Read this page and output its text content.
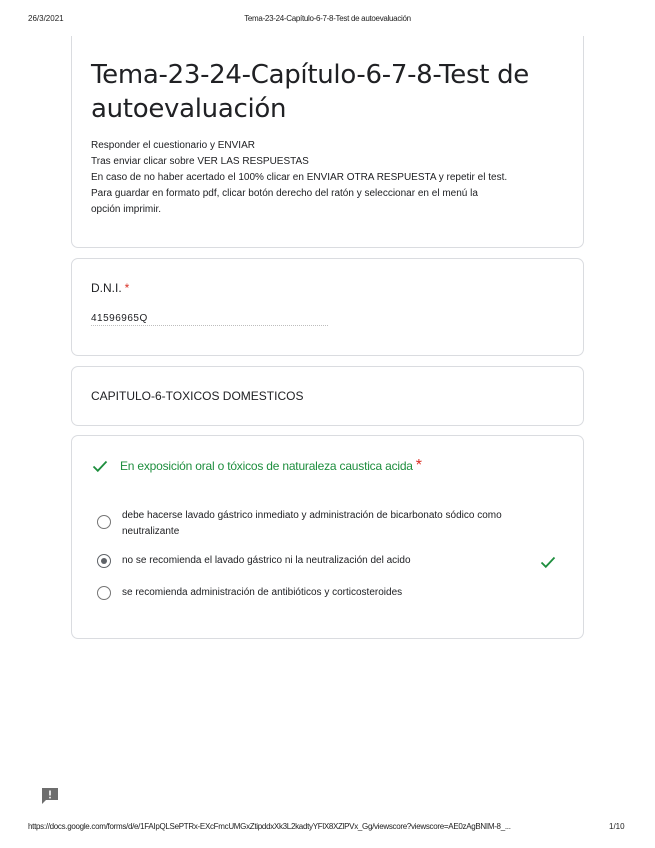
26/3/2021	Tema-23-24-Capítulo-6-7-8-Test de autoevaluación
Tema-23-24-Capítulo-6-7-8-Test de autoevaluación
Responder el cuestionario y ENVIAR
Tras enviar clicar sobre VER LAS RESPUESTAS
En caso de no haber acertado el 100% clicar en ENVIAR OTRA RESPUESTA y repetir el test.
Para guardar en formato pdf, clicar botón derecho del ratón y seleccionar en el menú la
opción imprimir.
D.N.I. *
41596965Q
CAPITULO-6-TOXICOS DOMESTICOS
En exposición oral o tóxicos de naturaleza caustica acida *
debe hacerse lavado gástrico inmediato y administración de bicarbonato sódico como neutralizante
no se recomienda el lavado gástrico ni la neutralización del acido
se recomienda administración de antibióticos y corticosteroides
https://docs.google.com/forms/d/e/1FAIpQLSePTRx-EXcFmcUMGxZtipddxXk3L2kadtyYFlX8XZlPVx_Gg/viewscore?viewscore=AE0zAgBNIM-8_...	1/10
